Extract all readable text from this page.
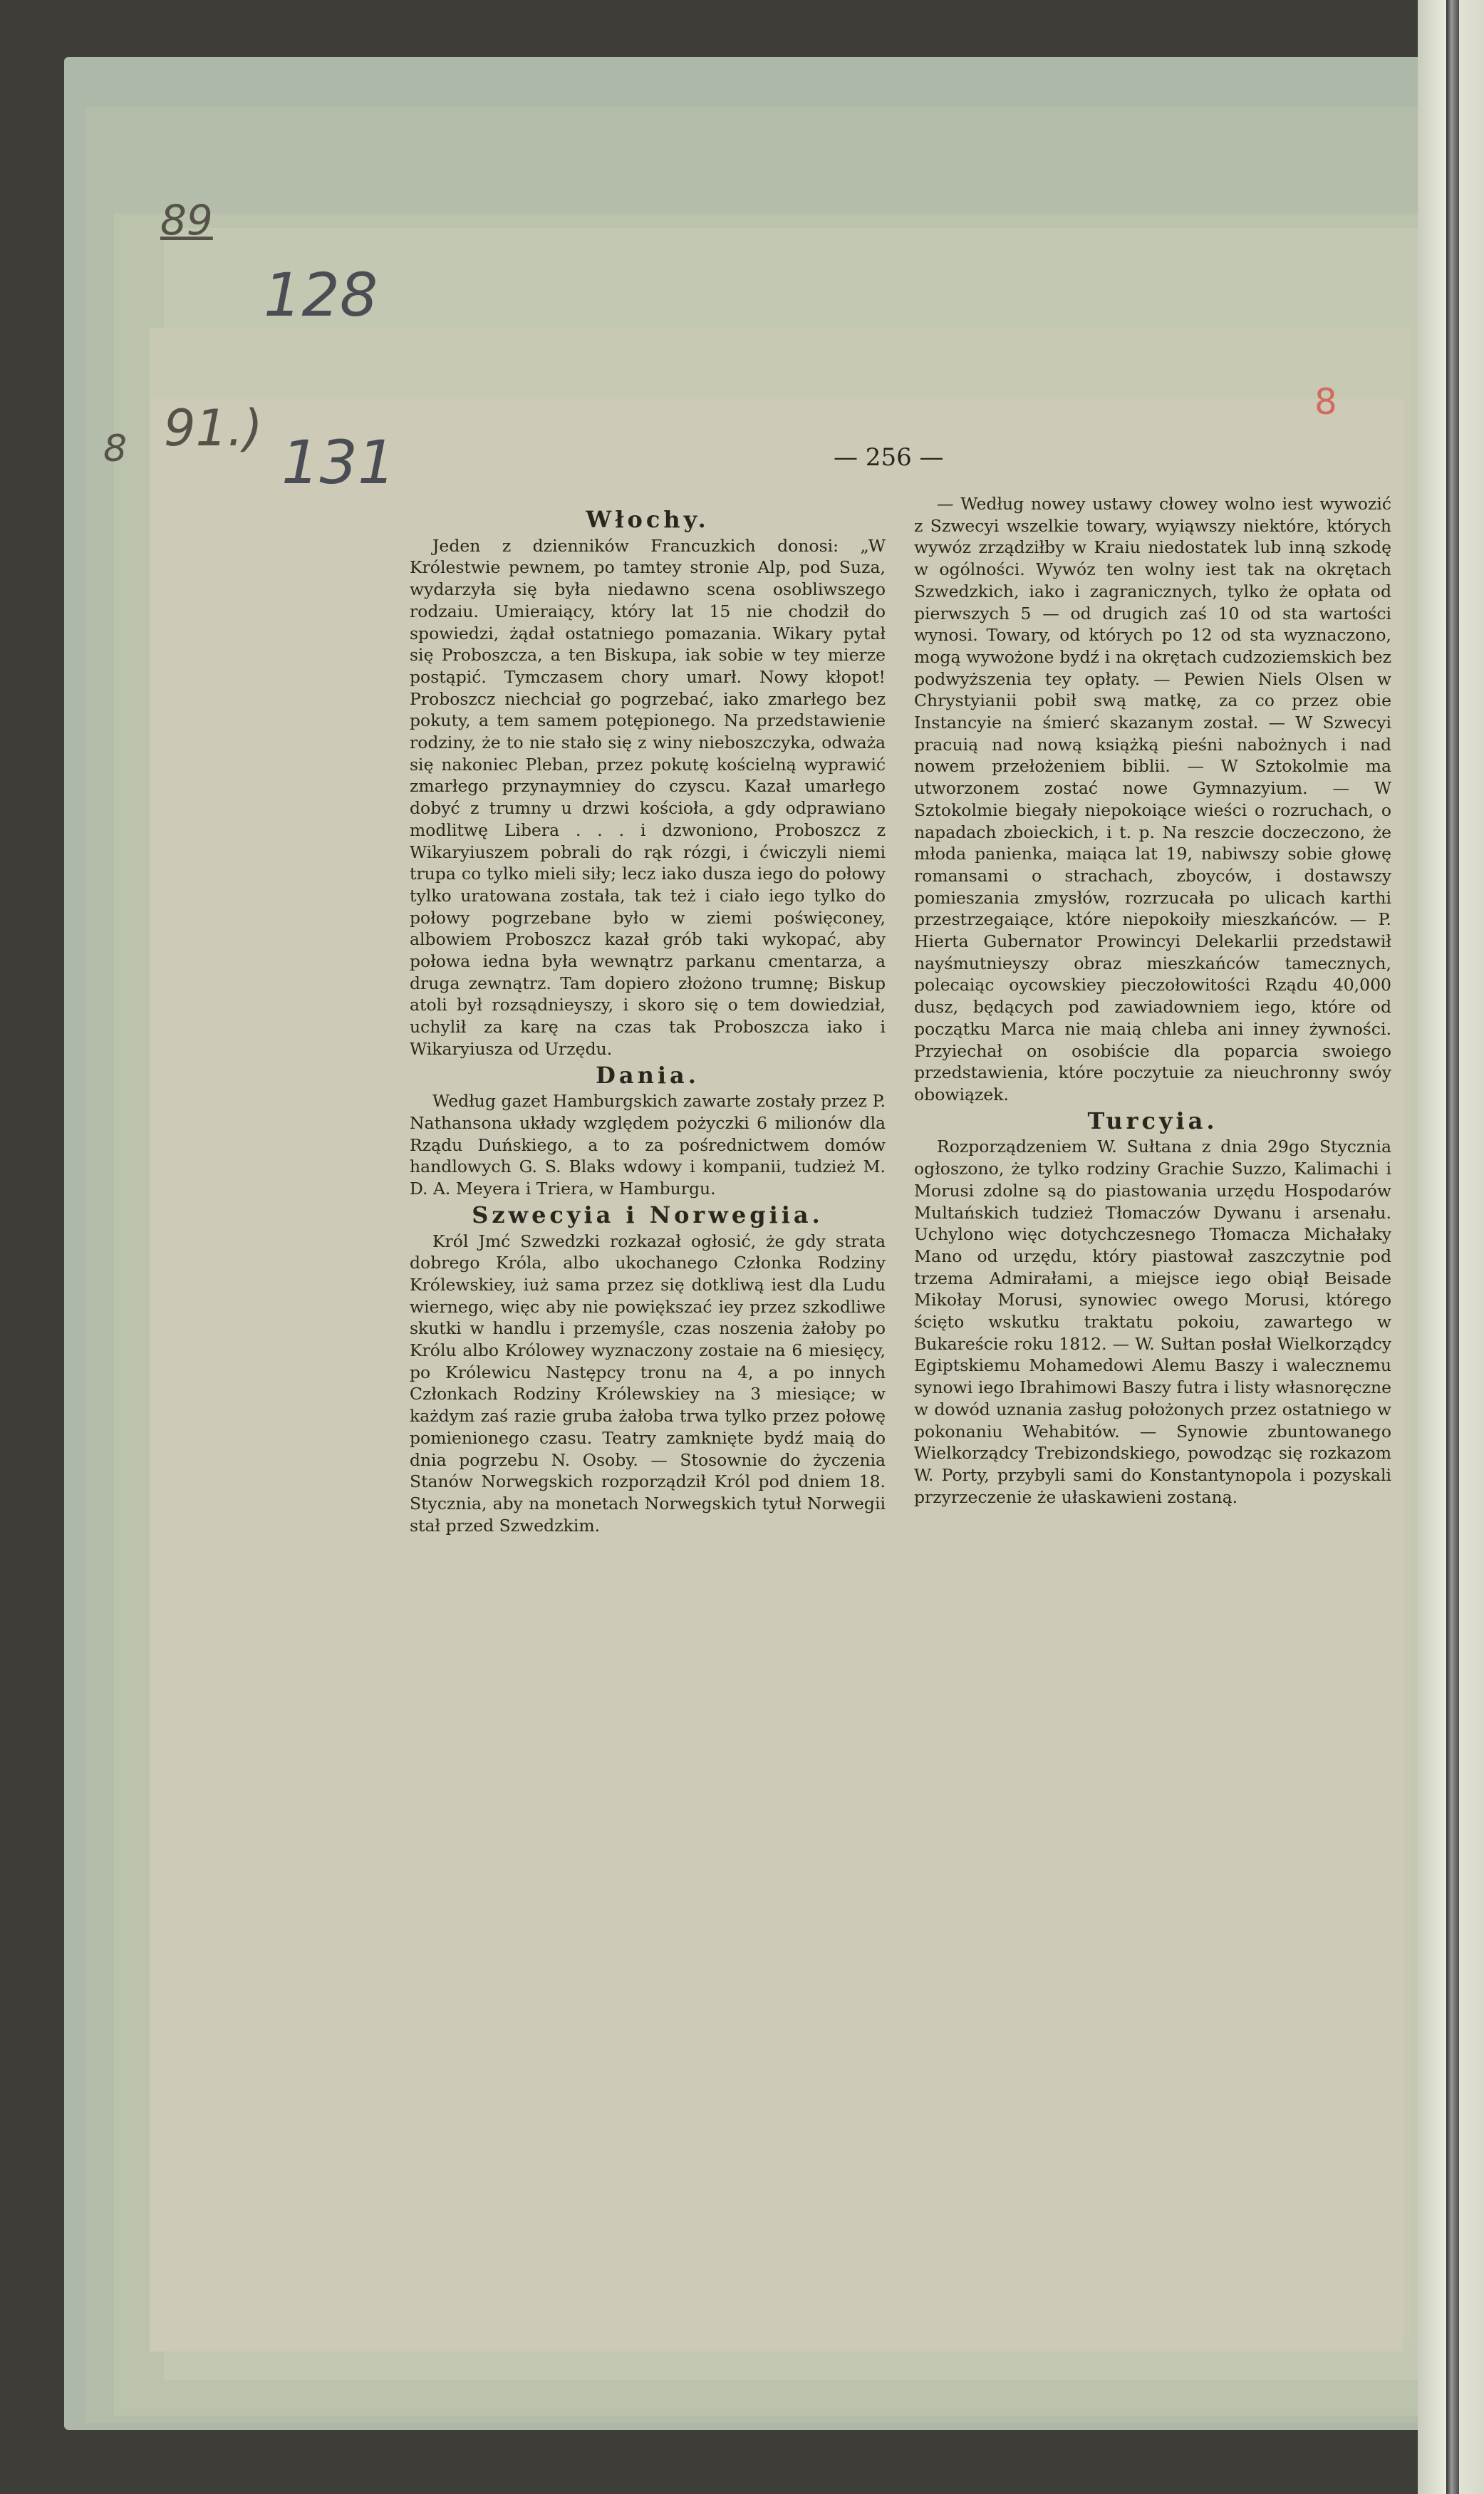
89
128
8 91.) 131
8
— 256 —
Włochy.

Jeden z dzienników Francuzkich donosi: „W Królestwie pewnem, po tamtey stronie Alp, pod Suza, wydarzyła się była niedawno scena osobliwszego rodzaiu. Umieraiący, który lat 15 nie chodził do spowiedzi, żądał ostatniego pomazania. Wikary pytał się Proboszcza, a ten Biskupa, iak sobie w tey mierze postąpić. Tymczasem chory umarł. Nowy kłopot! Proboszcz niechciał go pogrzebać, iako zmarłego bez pokuty, a tem samem potępionego. Na przedstawienie rodziny, że to nie stało się z winy nieboszczyka, odważa się nakoniec Pleban, przez pokutę kościelną wyprawić zmarłego przynaymniey do czyscu. Kazał umarłego dobyć z trumny u drzwi kościoła, a gdy odprawiano modlitwę Libera . . . i dzwoniono, Proboszcz z Wikaryiuszem pobrali do rąk rózgi, i ćwiczyli niemi trupa co tylko mieli siły; lecz iako dusza iego do połowy tylko uratowana została, tak też i ciało iego tylko do połowy pogrzebane było w ziemi poświęconey, albowiem Proboszcz kazał grób taki wykopać, aby połowa iedna była wewnątrz parkanu cmentarza, a druga zewnątrz. Tam dopiero złożono trumnę; Biskup atoli był rozsądnieyszy, i skoro się o tem dowiedział, uchylił za karę na czas tak Proboszcza iako i Wikaryiusza od Urzędu.

Dania.

Według gazet Hamburgskich zawarte zostały przez P. Nathansona układy względem pożyczki 6 milionów dla Rządu Duńskiego, a to za pośrednictwem domów handlowych G. S. Blaks wdowy i kompanii, tudzież M. D. A. Meyera i Triera, w Hamburgu.

Szwecyia i Norwegiia.

Król Jmć Szwedzki rozkazał ogłosić, że gdy strata dobrego Króla, albo ukochanego Członka Rodziny Królewskiey, iuż sama przez się dotkliwą iest dla Ludu wiernego, więc aby nie powiększać iey przez szkodliwe skutki w handlu i przemyśle, czas noszenia żałoby po Królu albo Królowey wyznaczony zostaie na 6 miesięcy, po Królewicu Następcy tronu na 4, a po innych Członkach Rodziny Królewskiey na 3 miesiące; w każdym zaś razie gruba żałoba trwa tylko przez połowę pomienionego czasu. Teatry zamknięte bydź maią do dnia pogrzebu N. Osoby. — Stosownie do życzenia Stanów Norwegskich rozporządził Król pod dniem 18. Stycznia, aby na monetach Norwegskich tytuł Norwegii stał przed Szwedzkim.

— Według nowey ustawy cłowey wolno iest wywozić z Szwecyi wszelkie towary, wyiąwszy niektóre, których wywóz zrządziłby w Kraiu niedostatek lub inną szkodę w ogólności. Wywóz ten wolny iest tak na okrętach Szwedzkich, iako i zagranicznych, tylko że opłata od pierwszych 5 — od drugich zaś 10 od sta wartości wynosi. Towary, od których po 12 od sta wyznaczono, mogą wywożone bydź i na okrętach cudzoziemskich bez podwyższenia tey opłaty. — Pewien Niels Olsen w Chrystyianii pobił swą matkę, za co przez obie Instancyie na śmierć skazanym został. — W Szwecyi pracuią nad nową książką pieśni nabożnych i nad nowem przełożeniem biblii. — W Sztokolmie ma utworzonem zostać nowe Gymnazyium. — W Sztokolmie biegały niepokoiące wieści o rozruchach, o napadach zboieckich, i t. p. Na reszcie doczeczono, że młoda panienka, maiąca lat 19, nabiwszy sobie głowę romansami o strachach, zboyców, i dostawszy pomieszania zmysłów, rozrzucała po ulicach karthi przestrzegaiące, które niepokoiły mieszkańców. — P. Hierta Gubernator Prowincyi Delekarlii przedstawił nayśmutnieyszy obraz mieszkańców tamecznych, polecaiąc oycowskiey pieczołowitości Rządu 40,000 dusz, będących pod zawiadowniem iego, które od początku Marca nie maią chleba ani inney żywności. Przyiechał on osobiście dla poparcia swoiego przedstawienia, które poczytuie za nieuchronny swóy obowiązek.

Turcyia.

Rozporządzeniem W. Sułtana z dnia 29go Stycznia ogłoszono, że tylko rodziny Grachie Suzzo, Kalimachi i Morusi zdolne są do piastowania urzędu Hospodarów Multańskich tudzież Tłomaczów Dywanu i arsenału. Uchylono więc dotychczesnego Tłomacza Michałaky Mano od urzędu, który piastował zaszczytnie pod trzema Admirałami, a miejsce iego obiął Beisade Mikołay Morusi, synowiec owego Morusi, którego ścięto wskutku traktatu pokoiu, zawartego w Bukareście roku 1812. — W. Sułtan posłał Wielkorządcy Egiptskiemu Mohamedowi Alemu Baszy i walecznemu synowi iego Ibrahimowi Baszy futra i listy własnoręczne w dowód uznania zasług położonych przez ostatniego w pokonaniu Wehabitów. — Synowie zbuntowanego Wielkorządcy Trebizondskiego, powodząc się rozkazom W. Porty, przybyli sami do Konstantynopola i pozyskali przyrzeczenie że ułaskawieni zostaną.
